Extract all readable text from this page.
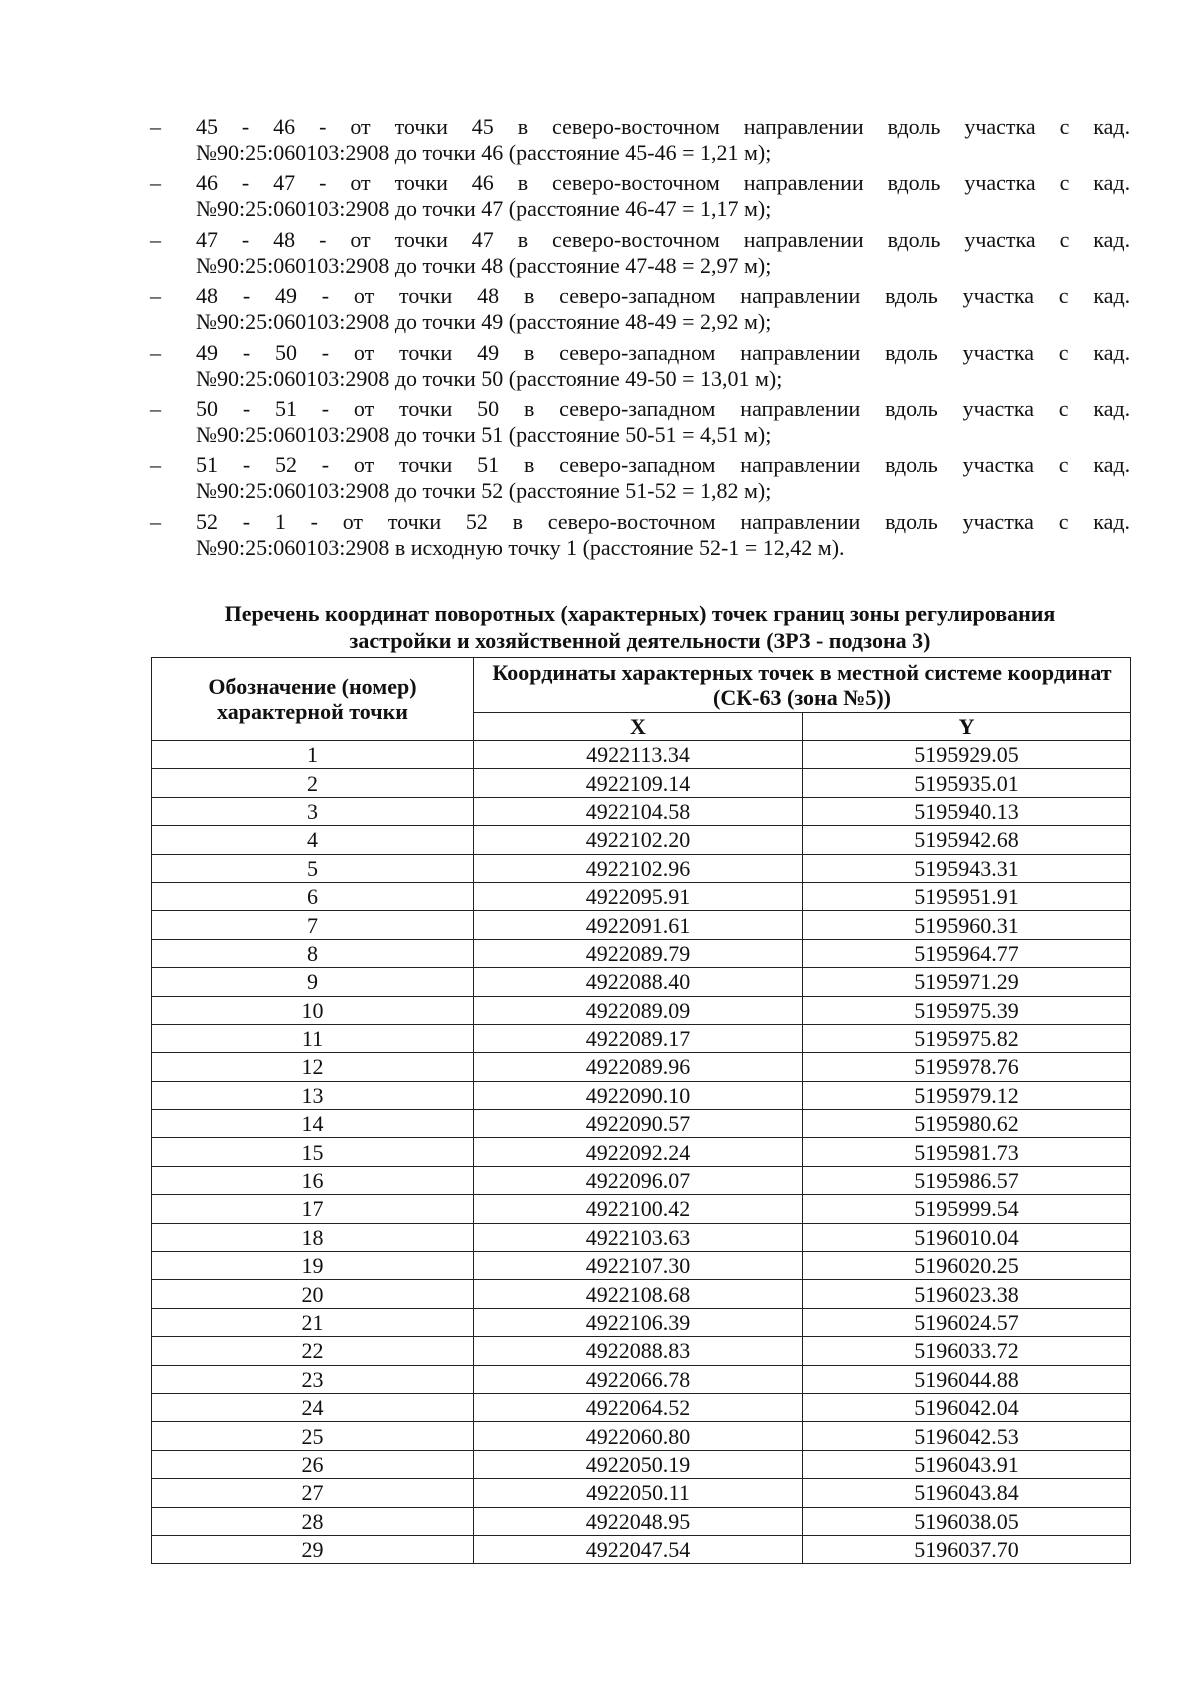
–	45 - 46 - от точки 45 в северо-восточном направлении вдоль участка с кад.
№90:25:060103:2908 до точки 46 (расстояние 45-46 = 1,21 м);
–	46 - 47 - от точки 46 в северо-восточном направлении вдоль участка с кад.
№90:25:060103:2908 до точки 47 (расстояние 46-47 = 1,17 м);
–	47 - 48 - от точки 47 в северо-восточном направлении вдоль участка с кад.
№90:25:060103:2908 до точки 48 (расстояние 47-48 = 2,97 м);
–	48 - 49 - от точки 48 в северо-западном направлении вдоль участка с кад.
№90:25:060103:2908 до точки 49 (расстояние 48-49 = 2,92 м);
–	49 - 50 - от точки 49 в северо-западном направлении вдоль участка с кад.
№90:25:060103:2908 до точки 50 (расстояние 49-50 = 13,01 м);
–	50 - 51 - от точки 50 в северо-западном направлении вдоль участка с кад.
№90:25:060103:2908 до точки 51 (расстояние 50-51 = 4,51 м);
–	51 - 52 - от точки 51 в северо-западном направлении вдоль участка с кад.
№90:25:060103:2908 до точки 52 (расстояние 51-52 = 1,82 м);
–	52 - 1 - от точки 52 в северо-восточном направлении вдоль участка с кад.
№90:25:060103:2908 в исходную точку 1 (расстояние 52-1 = 12,42 м).
Перечень координат поворотных (характерных) точек границ зоны регулирования
застройки и хозяйственной деятельности (ЗРЗ - подзона 3)
Обозначение (номер) характерной точки	Координаты характерных точек в местной системе координат (СК-63 (зона №5))	
	X	Y
1	4922113.34	5195929.05
2	4922109.14	5195935.01
3	4922104.58	5195940.13
4	4922102.20	5195942.68
5	4922102.96	5195943.31
6	4922095.91	5195951.91
7	4922091.61	5195960.31
8	4922089.79	5195964.77
9	4922088.40	5195971.29
10	4922089.09	5195975.39
11	4922089.17	5195975.82
12	4922089.96	5195978.76
13	4922090.10	5195979.12
14	4922090.57	5195980.62
15	4922092.24	5195981.73
16	4922096.07	5195986.57
17	4922100.42	5195999.54
18	4922103.63	5196010.04
19	4922107.30	5196020.25
20	4922108.68	5196023.38
21	4922106.39	5196024.57
22	4922088.83	5196033.72
23	4922066.78	5196044.88
24	4922064.52	5196042.04
25	4922060.80	5196042.53
26	4922050.19	5196043.91
27	4922050.11	5196043.84
28	4922048.95	5196038.05
29	4922047.54	5196037.70
